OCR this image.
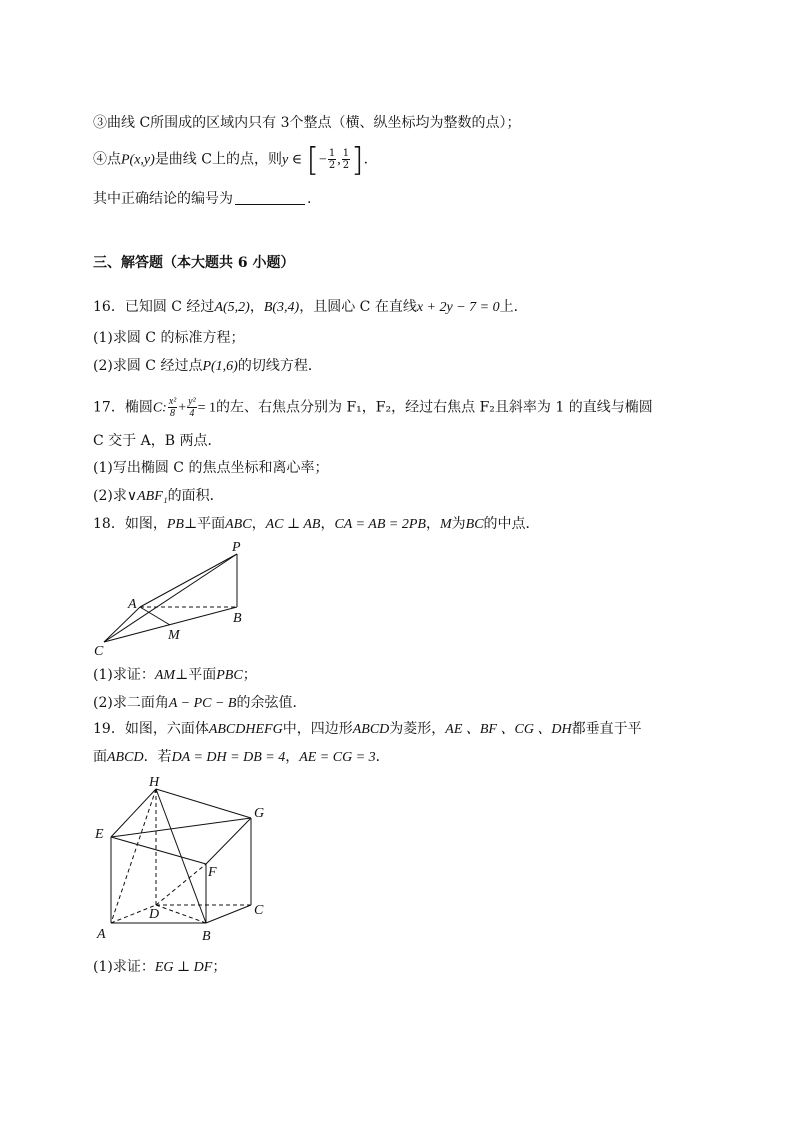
③曲线 C所围成的区域内只有 3个整点（横、纵坐标均为整数的点）；
④点P(x,y)是曲线 C上的点，则y ∈ [− $\frac{1}{2}$ , $\frac{1}{2}$ ].
其中正确结论的编号为	.
三、解答题（本大题共 6 小题）
16．已知圆 C 经过A(5,2)，B(3,4)，且圆心 C 在直线x + 2y − 7 = 0上．
(1)求圆 C 的标准方程；
(2)求圆 C 经过点P(1,6)的切线方程．
17．椭圆C: $\frac{\text{x²}}{8} + \frac{\text{y²}}{4} = 1$的左、右焦点分别为 F₁，F₂，经过右焦点 F₂且斜率为 1 的直线与椭圆
C 交于 A，B 两点．
(1)写出椭圆 C 的焦点坐标和离心率；
(2)求∨ABF₁的面积．
18．如图，PB⊥平面ABC，AC ⊥ AB，CA = AB = 2PB，M为BC的中点．
P
A
B
M
C
(1)求证：AM⊥平面PBC；
(2)求二面角A − PC − B的余弦值．
19．如图，六面体ABCDHEFG中，四边形ABCD为菱形，AE 、BF 、CG 、DH都垂直于平
面ABCD．若DA = DH = DB = 4，AE = CG = 3．
H
G
E
F
D	C
A	B
(1)求证：EG ⊥ DF；
